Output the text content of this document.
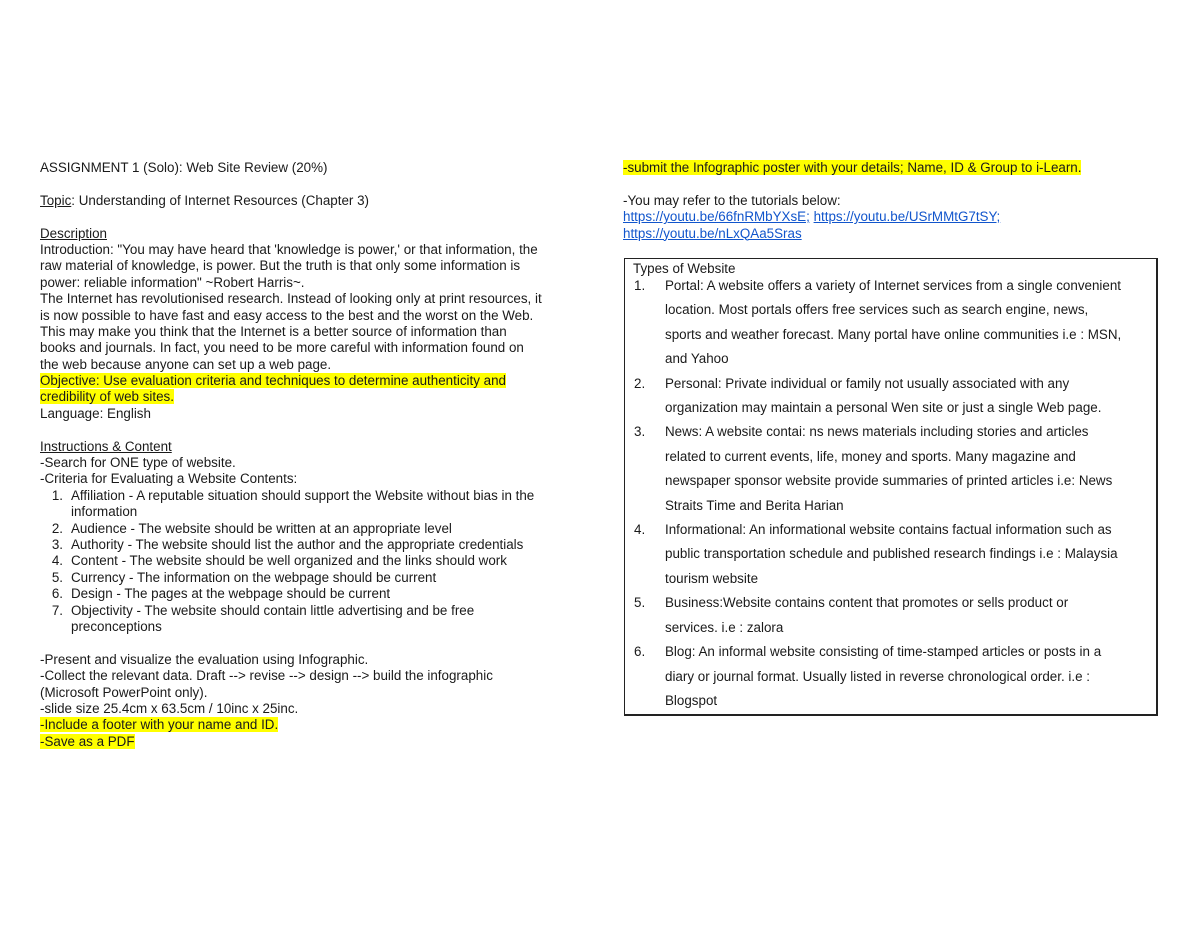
ASSIGNMENT 1 (Solo): Web Site Review (20%)
Topic: Understanding of Internet Resources (Chapter 3)
Description
Introduction: "You may have heard that 'knowledge is power,' or that information, the
raw material of knowledge, is power. But the truth is that only some information is
power: reliable information" ~Robert Harris~.
The Internet has revolutionised research. Instead of looking only at print resources, it
is now possible to have fast and easy access to the best and the worst on the Web.
This may make you think that the Internet is a better source of information than
books and journals. In fact, you need to be more careful with information found on
the web because anyone can set up a web page.
Objective: Use evaluation criteria and techniques to determine authenticity and
credibility of web sites.
Language: English
Instructions & Content
-Search for ONE type of website.
-Criteria for Evaluating a Website Contents:
1. Affiliation - A reputable situation should support the Website without bias in the
information
2. Audience - The website should be written at an appropriate level
3. Authority - The website should list the author and the appropriate credentials
4. Content - The website should be well organized and the links should work
5. Currency - The information on the webpage should be current
6. Design - The pages at the webpage should be current
7. Objectivity - The website should contain little advertising and be free
preconceptions
-Present and visualize the evaluation using Infographic.
-Collect the relevant data. Draft --> revise --> design --> build the infographic
(Microsoft PowerPoint only).
-slide size 25.4cm x 63.5cm / 10inc x 25inc.
-Include a footer with your name and ID.
-Save as a PDF
-submit the Infographic poster with your details; Name, ID & Group to i-Learn.
-You may refer to the tutorials below:
https://youtu.be/66fnRMbYXsE; https://youtu.be/USrMMtG7tSY;
https://youtu.be/nLxQAa5Sras
Types of Website
1.	Portal: A website offers a variety of Internet services from a single convenient
location. Most portals offers free services such as search engine, news,
sports and weather forecast. Many portal have online communities i.e : MSN,
and Yahoo
2.	Personal: Private individual or family not usually associated with any
organization may maintain a personal Wen site or just a single Web page.
3.	News: A website contai: ns news materials including stories and articles
related to current events, life, money and sports. Many magazine and
newspaper sponsor website provide summaries of printed articles i.e: News
Straits Time and Berita Harian
4.	Informational: An informational website contains factual information such as
public transportation schedule and published research findings i.e : Malaysia
tourism website
5.	Business:Website contains content that promotes or sells product or
services. i.e : zalora
6.	Blog: An informal website consisting of time-stamped articles or posts in a
diary or journal format. Usually listed in reverse chronological order. i.e :
Blogspot
